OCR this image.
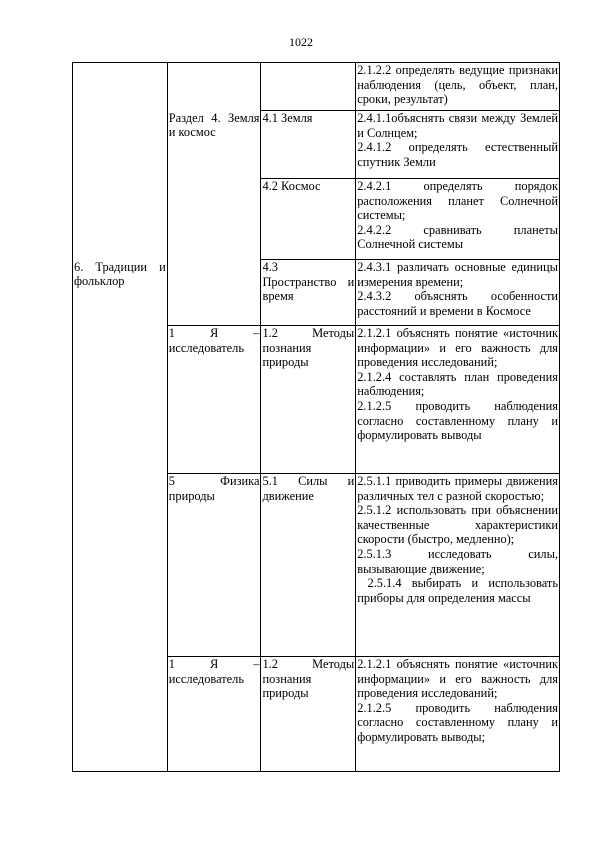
1022

			2.1.2.2 определять ведущие признаки наблюдения (цель, объект, план, сроки, результат)

	Раздел 4. Земля и космос	4.1 Земля	2.4.1.1объяснять связи между Землей и Солнцем;
2.4.1.2 определять естественный спутник Земли

		4.2 Космос	2.4.2.1 определять порядок расположения планет Солнечной системы;
2.4.2.2 сравнивать планеты Солнечной системы

6. Традиции и фольклор		4.3 Пространство и время	2.4.3.1 различать основные единицы измерения времени;
2.4.3.2 объяснять особенности расстояний и времени в Космосе

	1 Я – исследователь	1.2 Методы познания природы	2.1.2.1 объяснять понятие «источник информации» и его важность для проведения исследований;
2.1.2.4 составлять план проведения наблюдения;
2.1.2.5 проводить наблюдения согласно составленному плану и формулировать выводы

	5 Физика природы	5.1 Силы и движение	2.5.1.1 приводить примеры движения различных тел с разной скоростью;
2.5.1.2 использовать при объяснении качественные характеристики скорости (быстро, медленно);
2.5.1.3 исследовать силы, вызывающие движение;
2.5.1.4 выбирать и использовать приборы для определения массы

	1 Я – исследователь	1.2 Методы познания природы	2.1.2.1 объяснять понятие «источник информации» и его важность для проведения исследований;
2.1.2.5 проводить наблюдения согласно составленному плану и формулировать выводы;
